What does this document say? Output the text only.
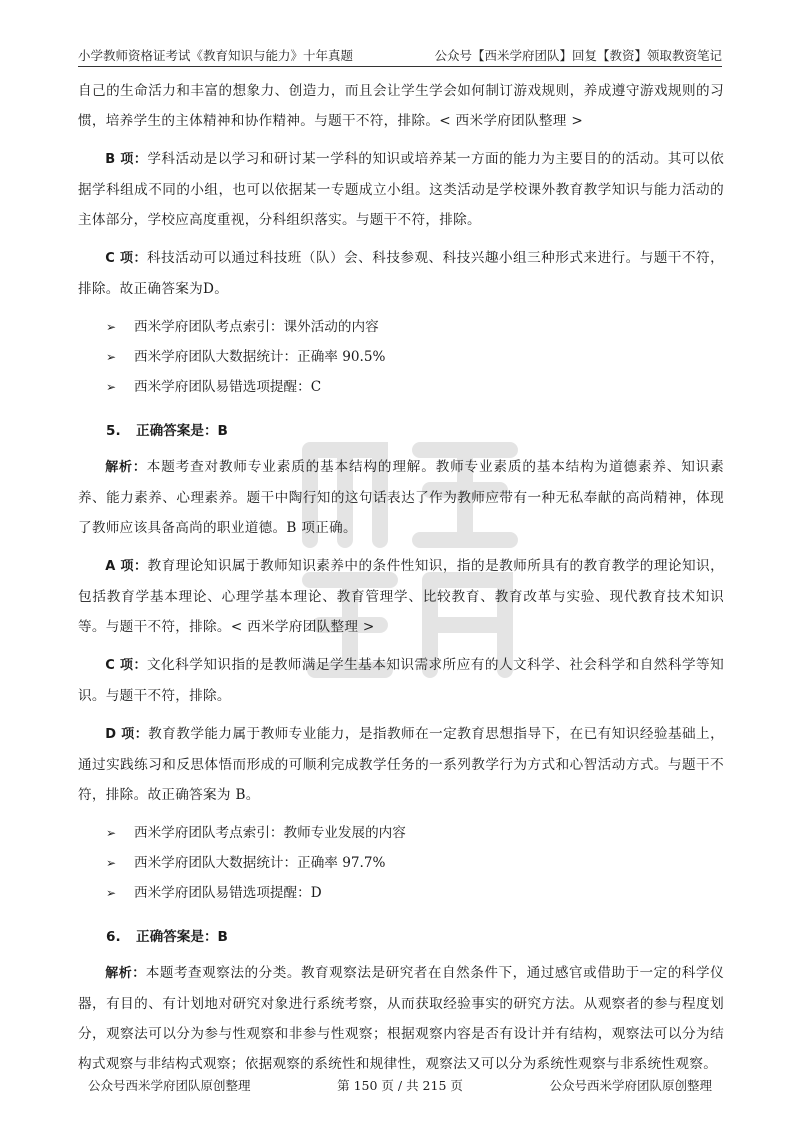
小学教师资格证考试《教育知识与能力》十年真题	公众号【西米学府团队】回复【教资】领取教资笔记

自己的生命活力和丰富的想象力、创造力，而且会让学生学会如何制订游戏规则，养成遵守游戏规则的习惯，培养学生的主体精神和协作精神。与题干不符，排除。< 西米学府团队整理 >

B 项：学科活动是以学习和研讨某一学科的知识或培养某一方面的能力为主要目的的活动。其可以依据学科组成不同的小组，也可以依据某一专题成立小组。这类活动是学校课外教育教学知识与能力活动的主体部分，学校应高度重视，分科组织落实。与题干不符，排除。

C 项：科技活动可以通过科技班（队）会、科技参观、科技兴趣小组三种形式来进行。与题干不符，排除。故正确答案为D。

➢ 西米学府团队考点索引：课外活动的内容

➢ 西米学府团队大数据统计：正确率 90.5%

➢ 西米学府团队易错选项提醒：C

5. 正确答案是：B

解析：本题考查对教师专业素质的基本结构的理解。教师专业素质的基本结构为道德素养、知识素养、能力素养、心理素养。题干中陶行知的这句话表达了作为教师应带有一种无私奉献的高尚精神，体现了教师应该具备高尚的职业道德。B 项正确。

A 项：教育理论知识属于教师知识素养中的条件性知识，指的是教师所具有的教育教学的理论知识，包括教育学基本理论、心理学基本理论、教育管理学、比较教育、教育改革与实验、现代教育技术知识等。与题干不符，排除。< 西米学府团队整理 >

C 项：文化科学知识指的是教师满足学生基本知识需求所应有的人文科学、社会科学和自然科学等知识。与题干不符，排除。

D 项：教育教学能力属于教师专业能力，是指教师在一定教育思想指导下，在已有知识经验基础上，通过实践练习和反思体悟而形成的可顺利完成教学任务的一系列教学行为方式和心智活动方式。与题干不符，排除。故正确答案为 B。

➢ 西米学府团队考点索引：教师专业发展的内容

➢ 西米学府团队大数据统计：正确率 97.7%

➢ 西米学府团队易错选项提醒：D

6. 正确答案是：B

解析：本题考查观察法的分类。教育观察法是研究者在自然条件下，通过感官或借助于一定的科学仪器，有目的、有计划地对研究对象进行系统考察，从而获取经验事实的研究方法。从观察者的参与程度划分，观察法可以分为参与性观察和非参与性观察；根据观察内容是否有设计并有结构，观察法可以分为结构式观察与非结构式观察；依据观察的系统性和规律性，观察法又可以分为系统性观察与非系统性观察。

公众号西米学府团队原创整理	第 150 页 / 共 215 页	公众号西米学府团队原创整理
